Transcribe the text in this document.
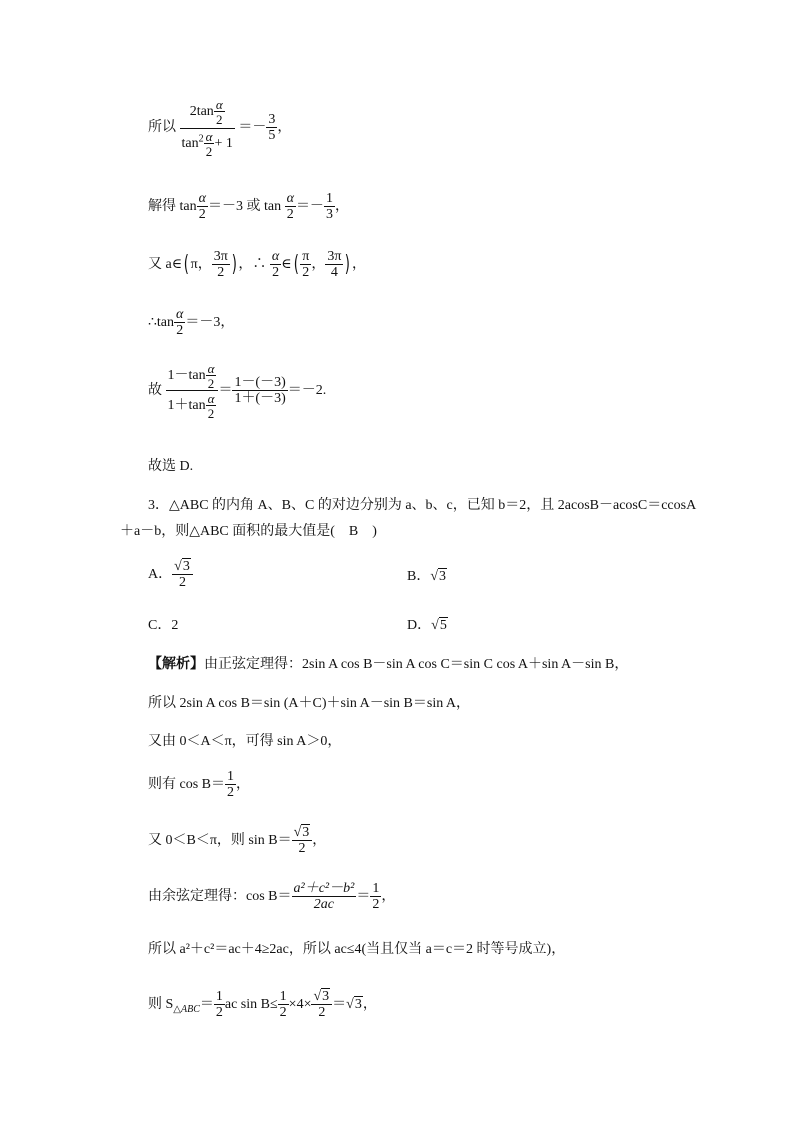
所以 $\frac{2\tan \frac{\alpha}{2}}{\tan^2 \frac{\alpha}{2} + 1} =- \frac{3}{5}$ ，
解得 $\tan \frac{\alpha}{2} =-3$ 或 $\tan \frac{\alpha}{2} =- \frac{1}{3}$ ，
又 a∈( π， $\frac{3\pi}{2}$ ) ，∴ $\frac{\alpha}{2}$ ∈( $\frac{\pi}{2}$ ， $\frac{3\pi}{4}$ ) ，
∴tan $\frac{\alpha}{2} =-3$，
故 $\frac{1-\tan \frac{\alpha}{2}}{1+\tan \frac{\alpha}{2}} = \frac{1-(-3)}{1+(-3)} =-2$.
故选 D.
3．△ABC 的内角 A、B、C 的对边分别为 a、b、c，已知 b＝2，且 2acosB－acosC＝ccosA
＋a－b，则△ABC 面积的最大值是(　B　)
A． $\frac{√3}{2}$	B．√3
C．2	D．√5
【解析】由正弦定理得：2sin A cos B－sin A cos C＝sin C cos A＋sin A－sin B，
所以 2sin A cos B＝sin (A＋C)＋sin A－sin B＝sin A，
又由 0＜A＜π，可得 sin A＞0，
则有 $\cos B= \frac{1}{2}$ ，
又 0＜B＜π，则 $\sin B= \frac{√3}{2}$ ，
由余弦定理得：$\cos B= \frac{\text{a²＋c²－b²}}{2ac} = \frac{1}{2}$ ，
所以 a²＋c²＝ac＋4≥2ac，所以 ac≤4(当且仅当 a＝c＝2 时等号成立)，
则 $S_{\triangle ABC}= \frac{1}{2}$ ac $\sin B\le \frac{1}{2} \times 4\times \frac{√3}{2} =√3$，
